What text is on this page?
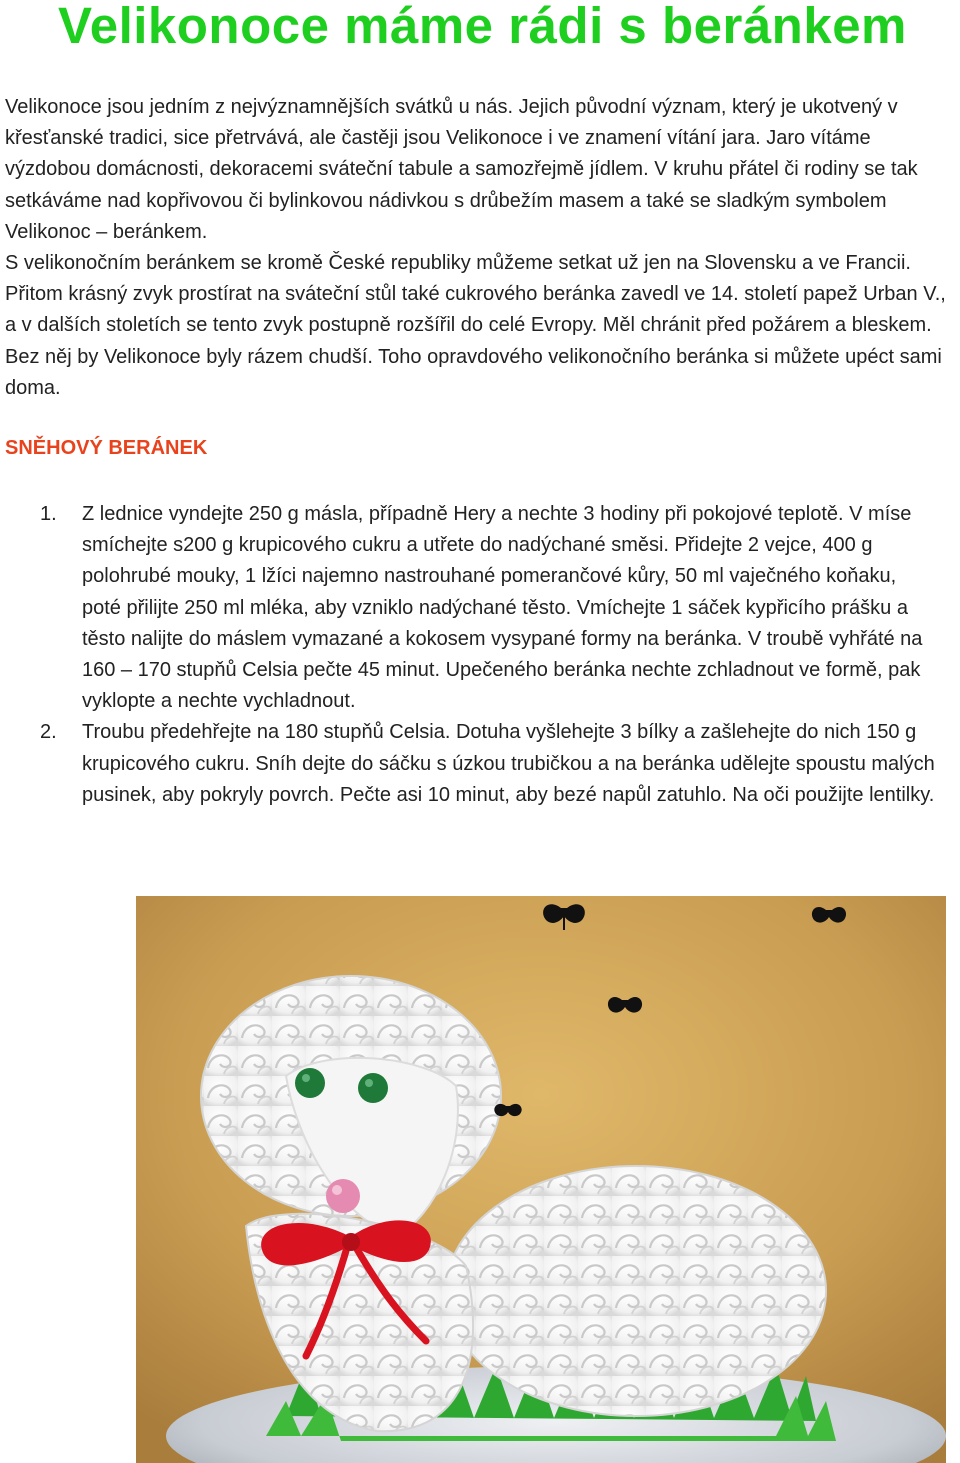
Velikonoce máme rádi s beránkem

Velikonoce jsou jedním z nejvýznamnějších svátků u nás. Jejich původní význam, který je ukotvený v křesťanské tradici, sice přetrvává, ale častěji jsou Velikonoce i ve znamení vítání jara. Jaro vítáme výzdobou domácnosti, dekoracemi sváteční tabule a samozřejmě jídlem. V kruhu přátel či rodiny se tak setkáváme nad kopřivovou či bylinkovou nádivkou s drůbežím masem a také se sladkým symbolem Velikonoc – beránkem.

S velikonočním beránkem se kromě České republiky můžeme setkat už jen na Slovensku a ve Francii. Přitom krásný zvyk prostírat na sváteční stůl také cukrového beránka zavedl ve 14. století papež Urban V., a v dalších stoletích se tento zvyk postupně rozšířil do celé Evropy. Měl chránit před požárem a bleskem. Bez něj by Velikonoce byly rázem chudší. Toho opravdového velikonočního beránka si můžete upéct sami doma.

SNĚHOVÝ BERÁNEK
1. Z lednice vyndejte 250 g másla, případně Hery a nechte 3 hodiny při pokojové teplotě. V míse smíchejte s200 g krupicového cukru a utřete do nadýchané směsi. Přidejte 2 vejce, 400 g polohrubé mouky, 1 lžíci najemno nastrouhané pomerančové kůry, 50 ml vaječného koňaku, poté přilijte 250 ml mléka, aby vzniklo nadýchané těsto. Vmíchejte 1 sáček kypřicího prášku a těsto nalijte do máslem vymazané a kokosem vysypané formy na beránka. V troubě vyhřáté na 160 – 170 stupňů Celsia pečte 45 minut. Upečeného beránka nechte zchladnout ve formě, pak vyklopte a nechte vychladnout.
2. Troubu předehřejte na 180 stupňů Celsia. Dotuha vyšlehejte 3 bílky a zašlehejte do nich 150 g krupicového cukru. Sníh dejte do sáčku s úzkou trubičkou a na beránka udělejte spoustu malých pusinek, aby pokryly povrch. Pečte asi 10 minut, aby bezé napůl zatuhlo. Na oči použijte lentilky.
